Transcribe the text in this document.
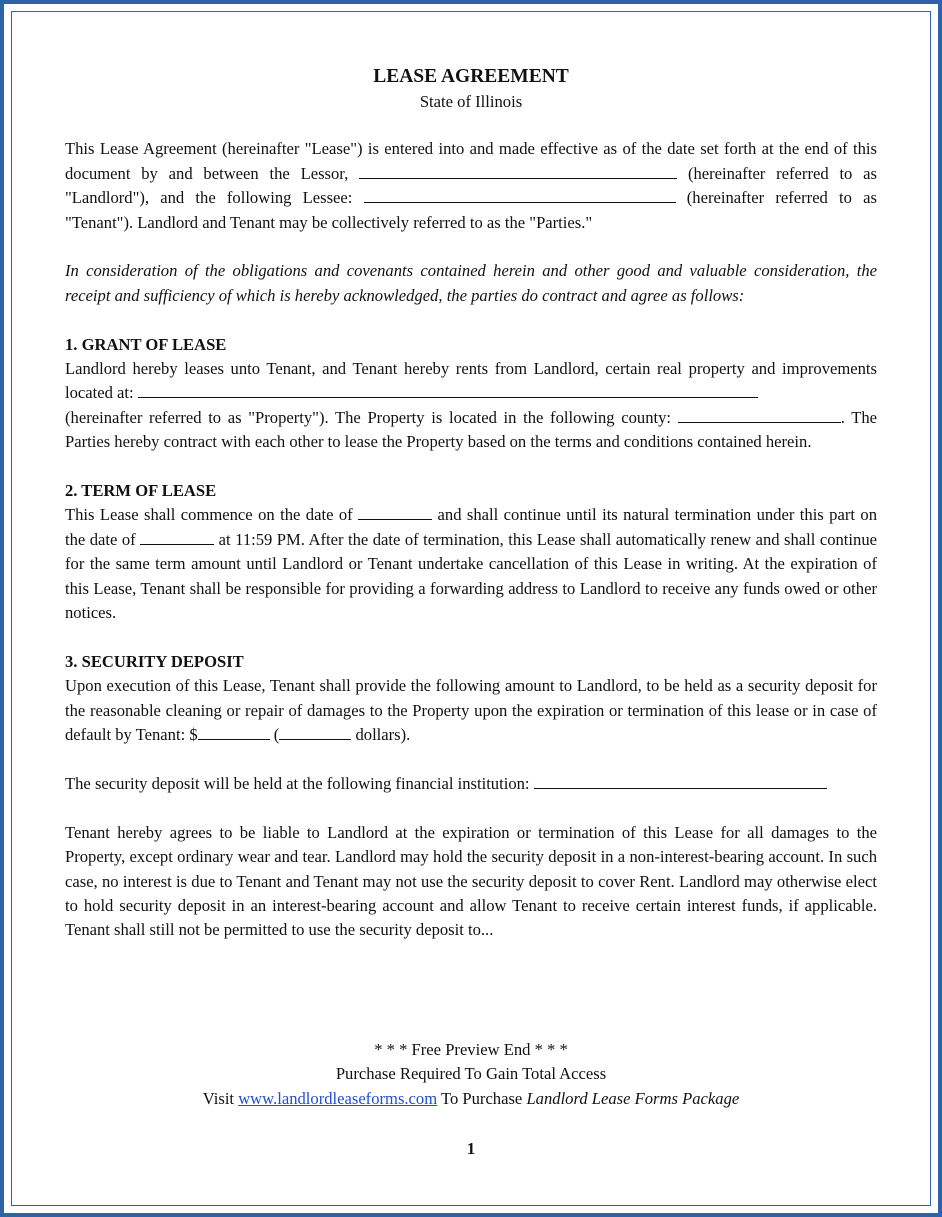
LEASE AGREEMENT
State of Illinois

This Lease Agreement (hereinafter "Lease") is entered into and made effective as of the date set forth at the end of this document by and between the Lessor,	(hereinafter referred to as "Landlord"), and the following Lessee:	(hereinafter referred to as "Tenant"). Landlord and Tenant may be collectively referred to as the "Parties."

In consideration of the obligations and covenants contained herein and other good and valuable consideration, the receipt and sufficiency of which is hereby acknowledged, the parties do contract and agree as follows:

1. GRANT OF LEASE

Landlord hereby leases unto Tenant, and Tenant hereby rents from Landlord, certain real property and improvements located at:
(hereinafter referred to as "Property"). The Property is located in the following county:	. The Parties hereby contract with each other to lease the Property based on the terms and conditions contained herein.

2. TERM OF LEASE

This Lease shall commence on the date of	and shall continue until its natural termination under this part on the date of	at 11:59 PM. After the date of termination, this Lease shall automatically renew and shall continue for the same term amount until Landlord or Tenant undertake cancellation of this Lease in writing. At the expiration of this Lease, Tenant shall be responsible for providing a forwarding address to Landlord to receive any funds owed or other notices.

3. SECURITY DEPOSIT

Upon execution of this Lease, Tenant shall provide the following amount to Landlord, to be held as a security deposit for the reasonable cleaning or repair of damages to the Property upon the expiration or termination of this lease or in case of default by Tenant: $	(	dollars).

The security deposit will be held at the following financial institution:

Tenant hereby agrees to be liable to Landlord at the expiration or termination of this Lease for all damages to the Property, except ordinary wear and tear. Landlord may hold the security deposit in a non-interest-bearing account. In such case, no interest is due to Tenant and Tenant may not use the security deposit to cover Rent. Landlord may otherwise elect to hold security deposit in an interest-bearing account and allow Tenant to receive certain interest funds, if applicable. Tenant shall still not be permitted to use the security deposit to...

* * * Free Preview End * * *
Purchase Required To Gain Total Access
Visit www.landlordleaseforms.com To Purchase Landlord Lease Forms Package
1
